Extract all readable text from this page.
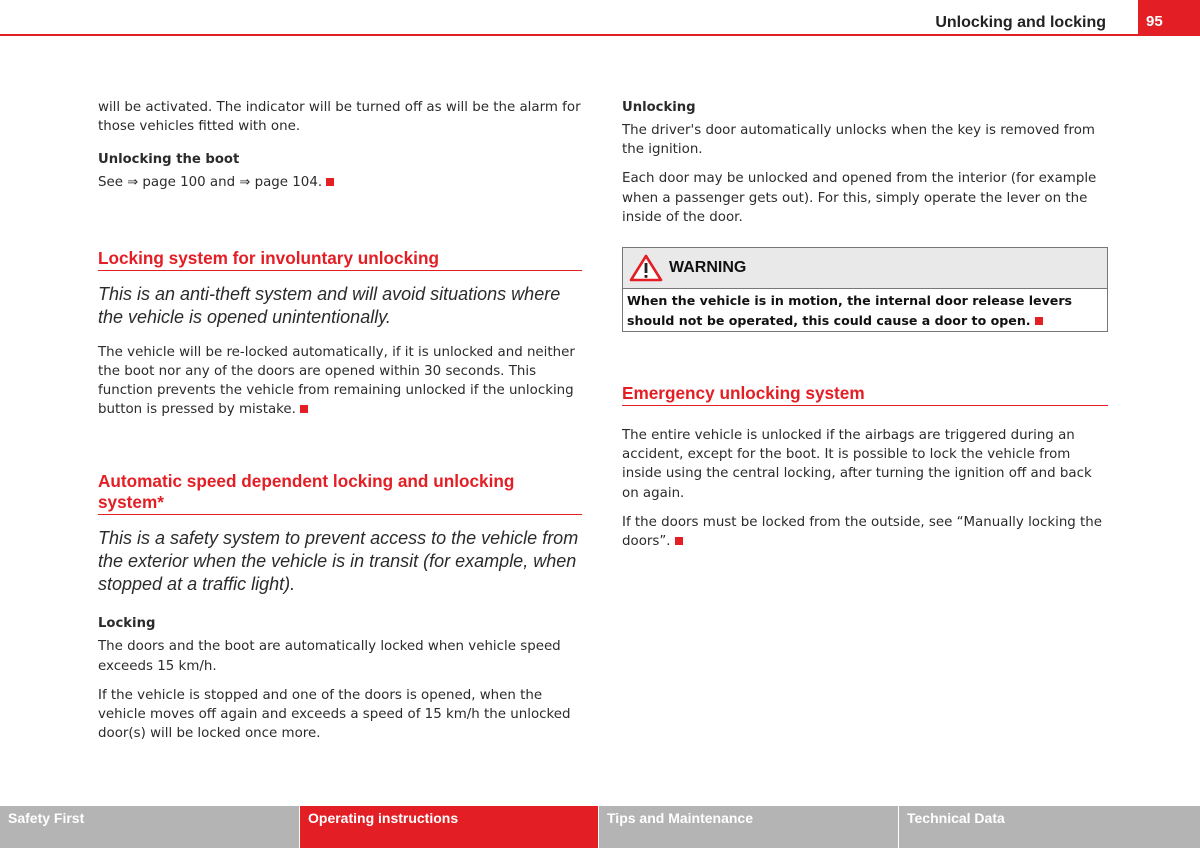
Unlocking and locking	95

will be activated. The indicator will be turned off as will be the alarm for those vehicles fitted with one.

Unlocking the boot

See ⇒ page 100 and ⇒ page 104.

Locking system for involuntary unlocking

This is an anti-theft system and will avoid situations where the vehicle is opened unintentionally.

The vehicle will be re-locked automatically, if it is unlocked and neither the boot nor any of the doors are opened within 30 seconds. This function prevents the vehicle from remaining unlocked if the unlocking button is pressed by mistake.

Automatic speed dependent locking and unlocking system*

This is a safety system to prevent access to the vehicle from the exterior when the vehicle is in transit (for example, when stopped at a traffic light).

Locking

The doors and the boot are automatically locked when vehicle speed exceeds 15 km/h.

If the vehicle is stopped and one of the doors is opened, when the vehicle moves off again and exceeds a speed of 15 km/h the unlocked door(s) will be locked once more.

Unlocking

The driver's door automatically unlocks when the key is removed from the ignition.

Each door may be unlocked and opened from the interior (for example when a passenger gets out). For this, simply operate the lever on the inside of the door.

WARNING
When the vehicle is in motion, the internal door release levers should not be operated, this could cause a door to open.
Emergency unlocking system

The entire vehicle is unlocked if the airbags are triggered during an accident, except for the boot. It is possible to lock the vehicle from inside using the central locking, after turning the ignition off and back on again.

If the doors must be locked from the outside, see “Manually locking the doors”.

Safety First	Operating instructions	Tips and Maintenance	Technical Data
